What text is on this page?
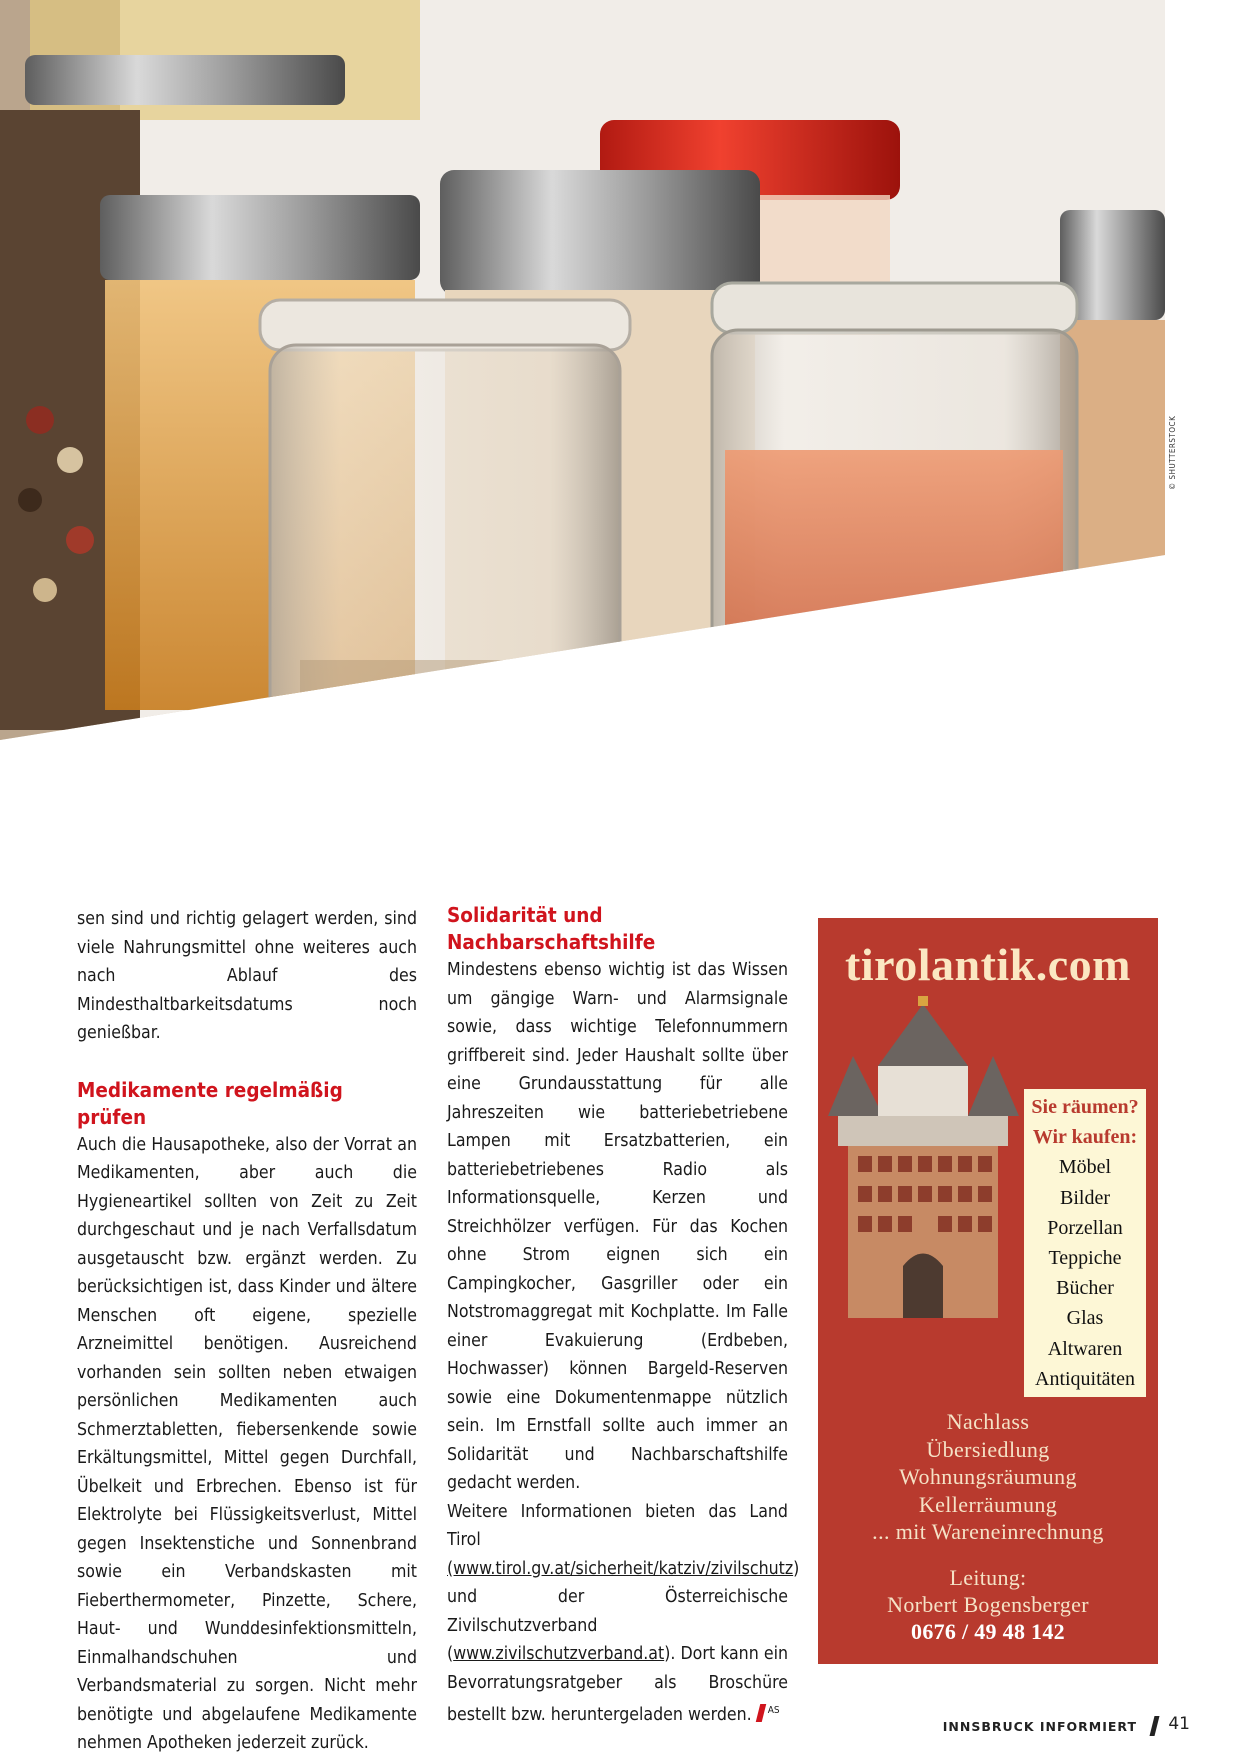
© SHUTTERSTOCK

sen sind und richtig gelagert werden, sind viele Nahrungsmittel ohne weiteres auch nach Ablauf des Mindesthaltbarkeitsdatums noch genießbar.

Medikamente regelmäßig prüfen

Auch die Hausapotheke, also der Vorrat an Medikamenten, aber auch die Hygieneartikel sollten von Zeit zu Zeit durchgeschaut und je nach Verfallsdatum ausgetauscht bzw. ergänzt werden. Zu berücksichtigen ist, dass Kinder und ältere Menschen oft eigene, spezielle Arzneimittel benötigen. Ausreichend vorhanden sein sollten neben etwaigen persönlichen Medikamenten auch Schmerztabletten, fiebersenkende sowie Erkältungsmittel, Mittel gegen Durchfall, Übelkeit und Erbrechen. Ebenso ist für Elektrolyte bei Flüssigkeitsverlust, Mittel gegen Insektenstiche und Sonnenbrand sowie ein Verbandskasten mit Fieberthermometer, Pinzette, Schere, Haut- und Wunddesinfektionsmitteln, Einmalhandschuhen und Verbandsmaterial zu sorgen. Nicht mehr benötigte und abgelaufene Medikamente nehmen Apotheken jederzeit zurück.

Solidarität und Nachbarschaftshilfe

Mindestens ebenso wichtig ist das Wissen um gängige Warn- und Alarmsignale sowie, dass wichtige Telefonnummern griffbereit sind. Jeder Haushalt sollte über eine Grundausstattung für alle Jahreszeiten wie batteriebetriebene Lampen mit Ersatzbatterien, ein batteriebetriebenes Radio als Informationsquelle, Kerzen und Streichhölzer verfügen. Für das Kochen ohne Strom eignen sich ein Campingkocher, Gasgriller oder ein Notstromaggregat mit Kochplatte. Im Falle einer Evakuierung (Erdbeben, Hochwasser) können Bargeld-Reserven sowie eine Dokumentenmappe nützlich sein. Im Ernstfall sollte auch immer an Solidarität und Nachbarschaftshilfe gedacht werden.

Weitere Informationen bieten das Land Tirol (www.tirol.gv.at/sicherheit/katziv/zivilschutz) und der Österreichische Zivilschutzverband (www.zivilschutzverband.at). Dort kann ein Bevorratungsratgeber als Broschüre bestellt bzw. heruntergeladen werden. $^{AS}$

tirolantik.com
Sie räumen?
Wir kaufen:
Möbel
Bilder
Porzellan
Teppiche
Bücher
Glas
Altwaren
Antiquitäten
Nachlass
Übersiedlung
Wohnungsräumung
Kellerräumung
... mit Wareneinrechnung
Leitung:
Norbert Bogensberger
0676 / 49 48 142
INNSBRUCK INFORMIERT 41
